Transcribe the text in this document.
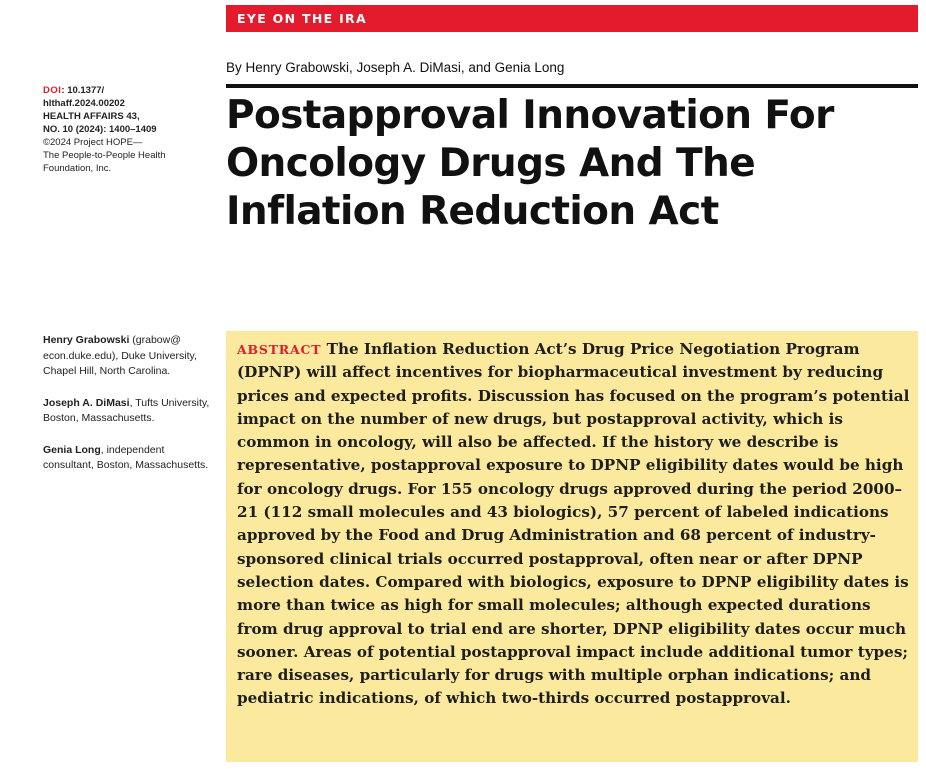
EYE ON THE IRA
DOI: 10.1377/
hlthaff.2024.00202
HEALTH AFFAIRS 43,
NO. 10 (2024): 1400–1409
©2024 Project HOPE—
The People-to-People Health
Foundation, Inc.
By Henry Grabowski, Joseph A. DiMasi, and Genia Long
Postapproval Innovation For Oncology Drugs And The Inflation Reduction Act

Henry Grabowski (grabow@ econ.duke.edu), Duke University, Chapel Hill, North Carolina.

Joseph A. DiMasi, Tufts University, Boston, Massachusetts.

Genia Long, independent consultant, Boston, Massachusetts.

ABSTRACT The Inflation Reduction Act’s Drug Price Negotiation Program (DPNP) will affect incentives for biopharmaceutical investment by reducing prices and expected profits. Discussion has focused on the program’s potential impact on the number of new drugs, but postapproval activity, which is common in oncology, will also be affected. If the history we describe is representative, postapproval exposure to DPNP eligibility dates would be high for oncology drugs. For 155 oncology drugs approved during the period 2000–21 (112 small molecules and 43 biologics), 57 percent of labeled indications approved by the Food and Drug Administration and 68 percent of industry-sponsored clinical trials occurred postapproval, often near or after DPNP selection dates. Compared with biologics, exposure to DPNP eligibility dates is more than twice as high for small molecules; although expected durations from drug approval to trial end are shorter, DPNP eligibility dates occur much sooner. Areas of potential postapproval impact include additional tumor types; rare diseases, particularly for drugs with multiple orphan indications; and pediatric indications, of which two-thirds occurred postapproval.
